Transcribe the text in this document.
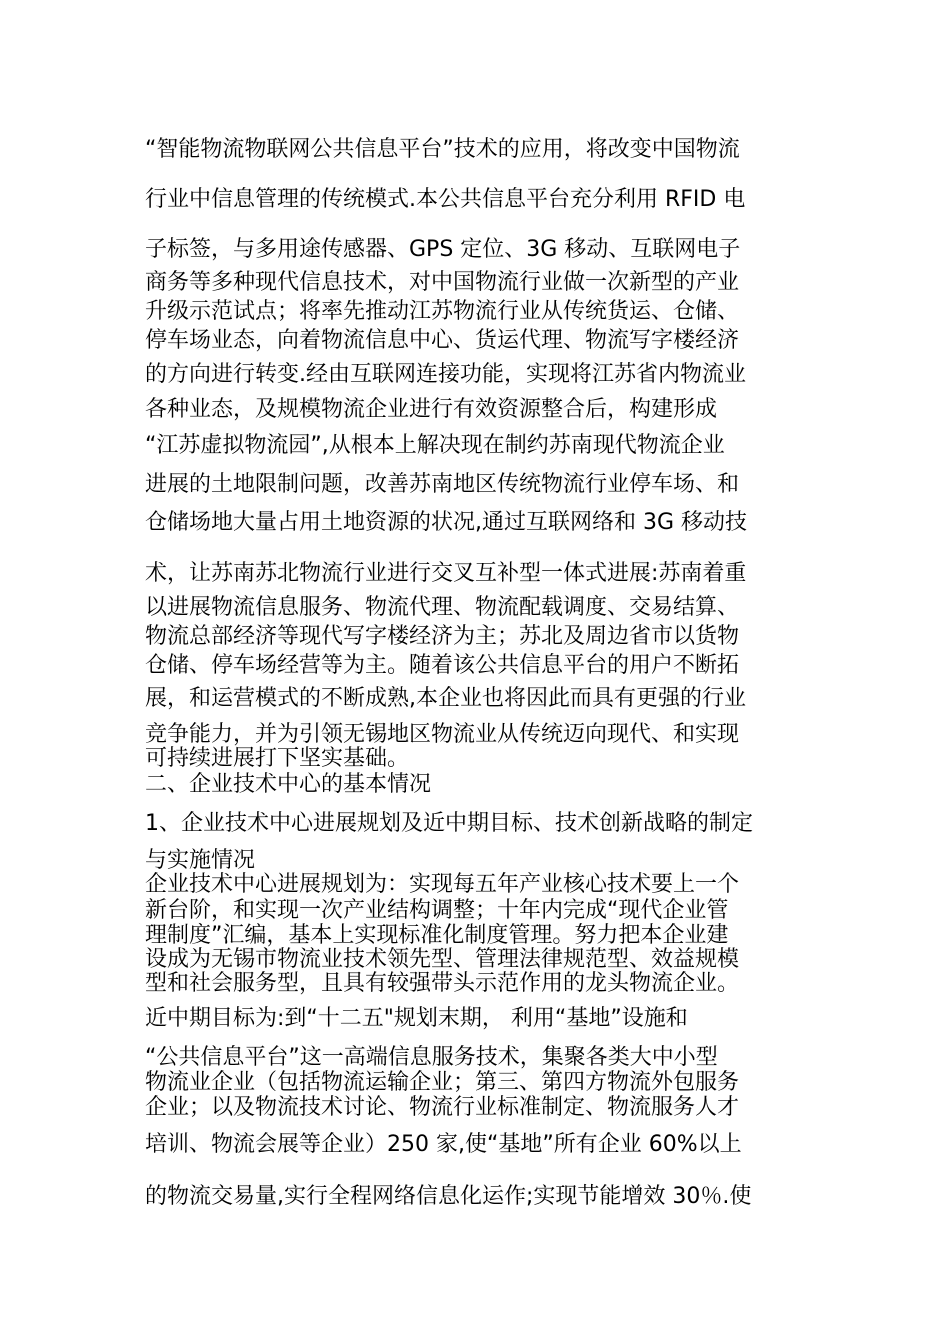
“智能物流物联网公共信息平台”技术的应用，将改变中国物流
行业中信息管理的传统模式.本公共信息平台充分利用 RFID 电
子标签，与多用途传感器、GPS 定位、3G 移动、互联网电子
商务等多种现代信息技术，对中国物流行业做一次新型的产业
升级示范试点；将率先推动江苏物流行业从传统货运、仓储、
停车场业态，向着物流信息中心、货运代理、物流写字楼经济
的方向进行转变.经由互联网连接功能，实现将江苏省内物流业
各种业态，及规模物流企业进行有效资源整合后，构建形成
“江苏虚拟物流园”,从根本上解决现在制约苏南现代物流企业
进展的土地限制问题，改善苏南地区传统物流行业停车场、和
仓储场地大量占用土地资源的状况,通过互联网络和 3G 移动技
术，让苏南苏北物流行业进行交叉互补型一体式进展:苏南着重
以进展物流信息服务、物流代理、物流配载调度、交易结算、
物流总部经济等现代写字楼经济为主；苏北及周边省市以货物
仓储、停车场经营等为主。随着该公共信息平台的用户不断拓
展，和运营模式的不断成熟,本企业也将因此而具有更强的行业
竞争能力，并为引领无锡地区物流业从传统迈向现代、和实现
可持续进展打下坚实基础。
二、企业技术中心的基本情况
1、企业技术中心进展规划及近中期目标、技术创新战略的制定
与实施情况
企业技术中心进展规划为：实现每五年产业核心技术要上一个
新台阶，和实现一次产业结构调整；十年内完成“现代企业管
理制度”汇编，基本上实现标准化制度管理。努力把本企业建
设成为无锡市物流业技术领先型、管理法律规范型、效益规模
型和社会服务型，且具有较强带头示范作用的龙头物流企业。
近中期目标为:到“十二五"规划末期， 利用“基地”设施和
“公共信息平台”这一高端信息服务技术，集聚各类大中小型
物流业企业（包括物流运输企业；第三、第四方物流外包服务
企业；以及物流技术讨论、物流行业标准制定、物流服务人才
培训、物流会展等企业）250 家,使“基地”所有企业 60%以上
的物流交易量,实行全程网络信息化运作;实现节能增效 30％.使
